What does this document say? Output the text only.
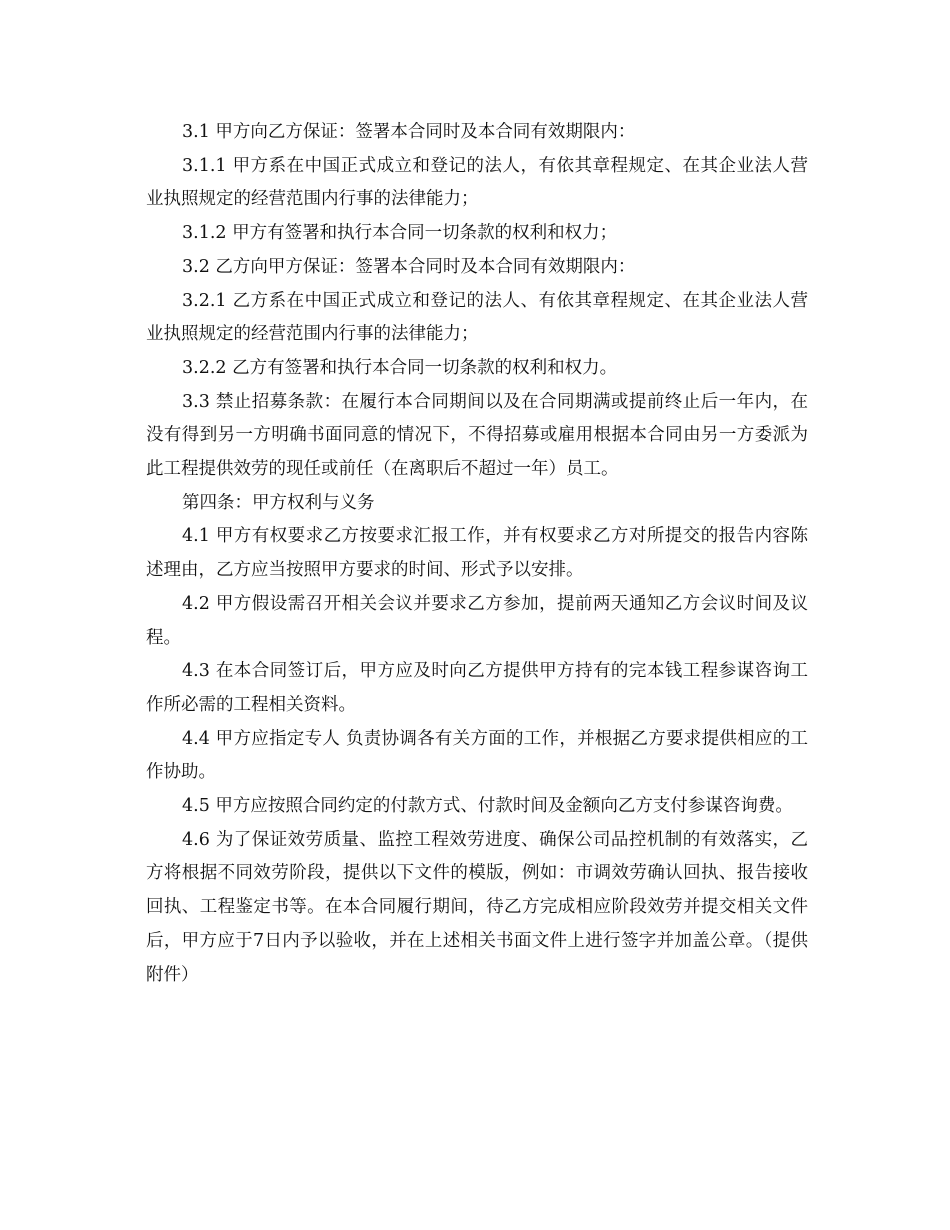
3.1 甲方向乙方保证：签署本合同时及本合同有效期限内：

3.1.1 甲方系在中国正式成立和登记的法人，有依其章程规定、在其企业法人营业执照规定的经营范围内行事的法律能力；

3.1.2 甲方有签署和执行本合同一切条款的权利和权力；

3.2 乙方向甲方保证：签署本合同时及本合同有效期限内：

3.2.1 乙方系在中国正式成立和登记的法人、有依其章程规定、在其企业法人营业执照规定的经营范围内行事的法律能力；

3.2.2 乙方有签署和执行本合同一切条款的权利和权力。

3.3 禁止招募条款：在履行本合同期间以及在合同期满或提前终止后一年内，在没有得到另一方明确书面同意的情况下，不得招募或雇用根据本合同由另一方委派为此工程提供效劳的现任或前任（在离职后不超过一年）员工。

第四条：甲方权利与义务

4.1 甲方有权要求乙方按要求汇报工作，并有权要求乙方对所提交的报告内容陈述理由，乙方应当按照甲方要求的时间、形式予以安排。

4.2 甲方假设需召开相关会议并要求乙方参加，提前两天通知乙方会议时间及议程。

4.3 在本合同签订后，甲方应及时向乙方提供甲方持有的完本钱工程参谋咨询工作所必需的工程相关资料。

4.4 甲方应指定专人 负责协调各有关方面的工作，并根据乙方要求提供相应的工作协助。

4.5 甲方应按照合同约定的付款方式、付款时间及金额向乙方支付参谋咨询费。

4.6 为了保证效劳质量、监控工程效劳进度、确保公司品控机制的有效落实，乙方将根据不同效劳阶段，提供以下文件的模版，例如：市调效劳确认回执、报告接收回执、工程鉴定书等。在本合同履行期间，待乙方完成相应阶段效劳并提交相关文件后，甲方应于7日内予以验收，并在上述相关书面文件上进行签字并加盖公章。（提供附件）
